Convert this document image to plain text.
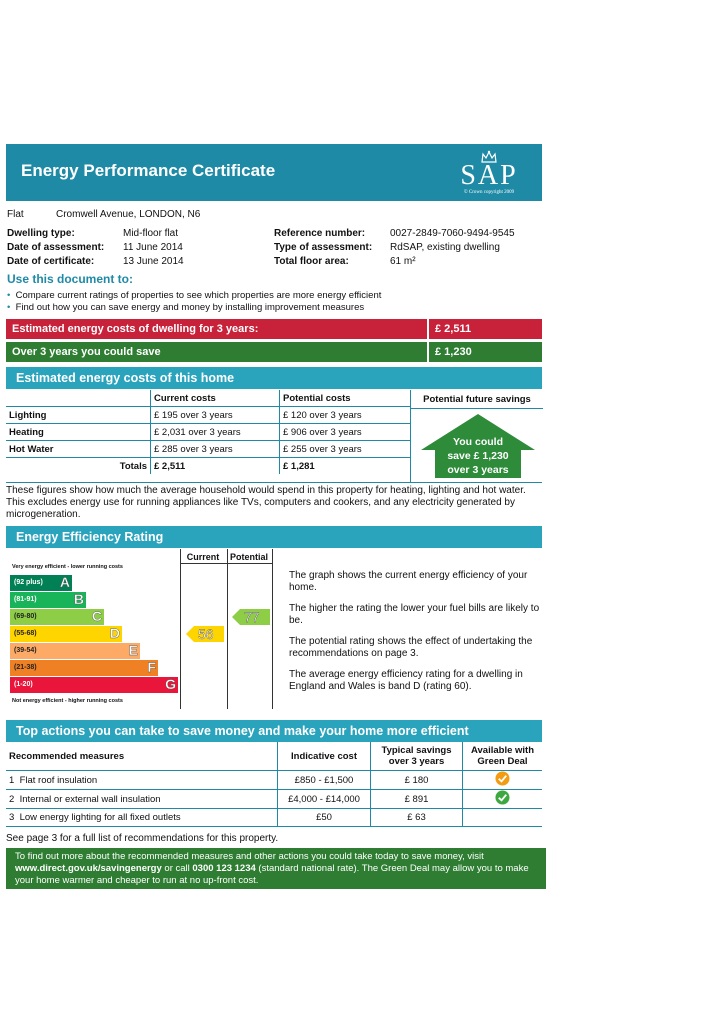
Energy Performance Certificate	SAP
© Crown copyright 2009
Flat	Cromwell Avenue, LONDON, N6
Dwelling type:	Mid-floor flat
Date of assessment: 11 June 2014
Date of certificate:	13 June 2014
Reference number: 0027-2849-7060-9494-9545
Type of assessment: RdSAP, existing dwelling
Total floor area:	61 m²
Use this document to:
• Compare current ratings of properties to see which properties are more energy efficient
• Find out how you can save energy and money by installing improvement measures
Estimated energy costs of dwelling for 3 years:	£ 2,511
Over 3 years you could save	£ 1,230
Estimated energy costs of this home
	Current costs	Potential costs
Lighting	£ 195 over 3 years	£ 120 over 3 years
Heating	£ 2,031 over 3 years	£ 906 over 3 years
Hot Water	£ 285 over 3 years	£ 255 over 3 years
Totals	£ 2,511	£ 1,281
Potential future savings
You could
save £ 1,230
over 3 years
These figures show how much the average household would spend in this property for heating, lighting and hot water. This excludes energy use for running appliances like TVs, computers and cookers, and any electricity generated by microgeneration.
Energy Efficiency Rating
Current	Potential
Very energy efficient - lower running costs
(92 plus) A
(81-91)	B
(69-80)	C
(55-68)	D
(39-54)	E
(21-38)	F
(1-20)	G
Not energy efficient - higher running costs
56
77
The graph shows the current energy efficiency of your home.
The higher the rating the lower your fuel bills are likely to be.
The potential rating shows the effect of undertaking the recommendations on page 3.
The average energy efficiency rating for a dwelling in England and Wales is band D (rating 60).
Top actions you can take to save money and make your home more efficient
Recommended measures	Indicative cost	Typical savings over 3 years	Available with Green Deal
1 Flat roof insulation	£850 - £1,500	£ 180	
2 Internal or external wall insulation	£4,000 - £14,000	£ 891	
3 Low energy lighting for all fixed outlets	£50	£ 63	
See page 3 for a full list of recommendations for this property.
To find out more about the recommended measures and other actions you could take today to save money, visit www.direct.gov.uk/savingenergy or call 0300 123 1234 (standard national rate). The Green Deal may allow you to make your home warmer and cheaper to run at no up-front cost.
